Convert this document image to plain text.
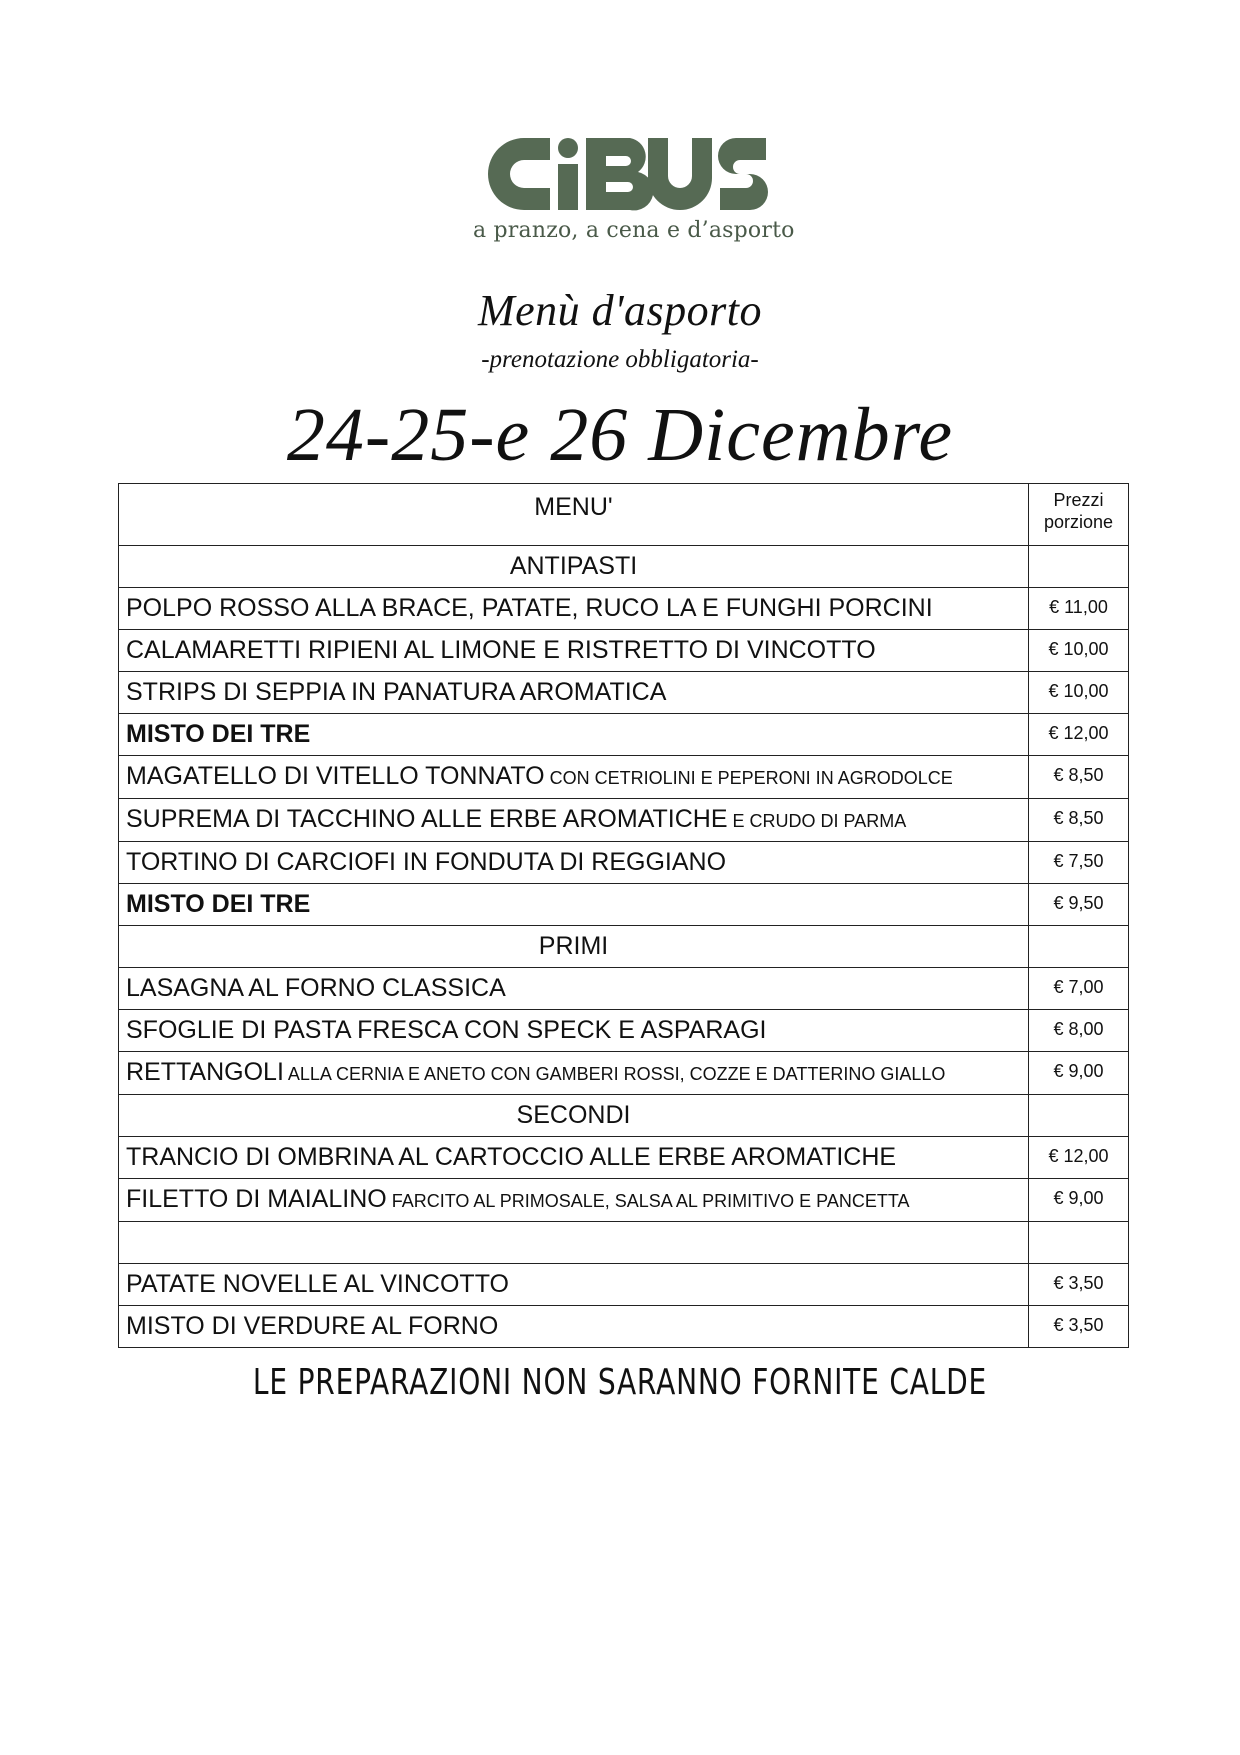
a pranzo, a cena e d’asporto
Menù d'asporto
-prenotazione obbligatoria-
24-25-e 26 Dicembre
MENU'	Prezzi porzione
ANTIPASTI	
POLPO ROSSO ALLA BRACE, PATATE, RUCO LA E FUNGHI PORCINI	€ 11,00
CALAMARETTI RIPIENI AL LIMONE E RISTRETTO DI VINCOTTO	€ 10,00
STRIPS DI SEPPIA IN PANATURA AROMATICA	€ 10,00
MISTO DEI TRE	€ 12,00
MAGATELLO DI VITELLO TONNATO CON CETRIOLINI E PEPERONI IN AGRODOLCE	€ 8,50
SUPREMA DI TACCHINO ALLE ERBE AROMATICHE E CRUDO DI PARMA	€ 8,50
TORTINO DI CARCIOFI IN FONDUTA DI REGGIANO	€ 7,50
MISTO DEI TRE	€ 9,50
PRIMI	
LASAGNA AL FORNO CLASSICA	€ 7,00
SFOGLIE DI PASTA FRESCA CON SPECK E ASPARAGI	€ 8,00
RETTANGOLI ALLA CERNIA E ANETO CON GAMBERI ROSSI, COZZE E DATTERINO GIALLO	€ 9,00
SECONDI	
TRANCIO DI OMBRINA AL CARTOCCIO ALLE ERBE AROMATICHE	€ 12,00
FILETTO DI MAIALINO FARCITO AL PRIMOSALE, SALSA AL PRIMITIVO E PANCETTA	€ 9,00

PATATE NOVELLE AL VINCOTTO	€ 3,50
MISTO DI VERDURE AL FORNO	€ 3,50
LE PREPARAZIONI NON SARANNO FORNITE CALDE
